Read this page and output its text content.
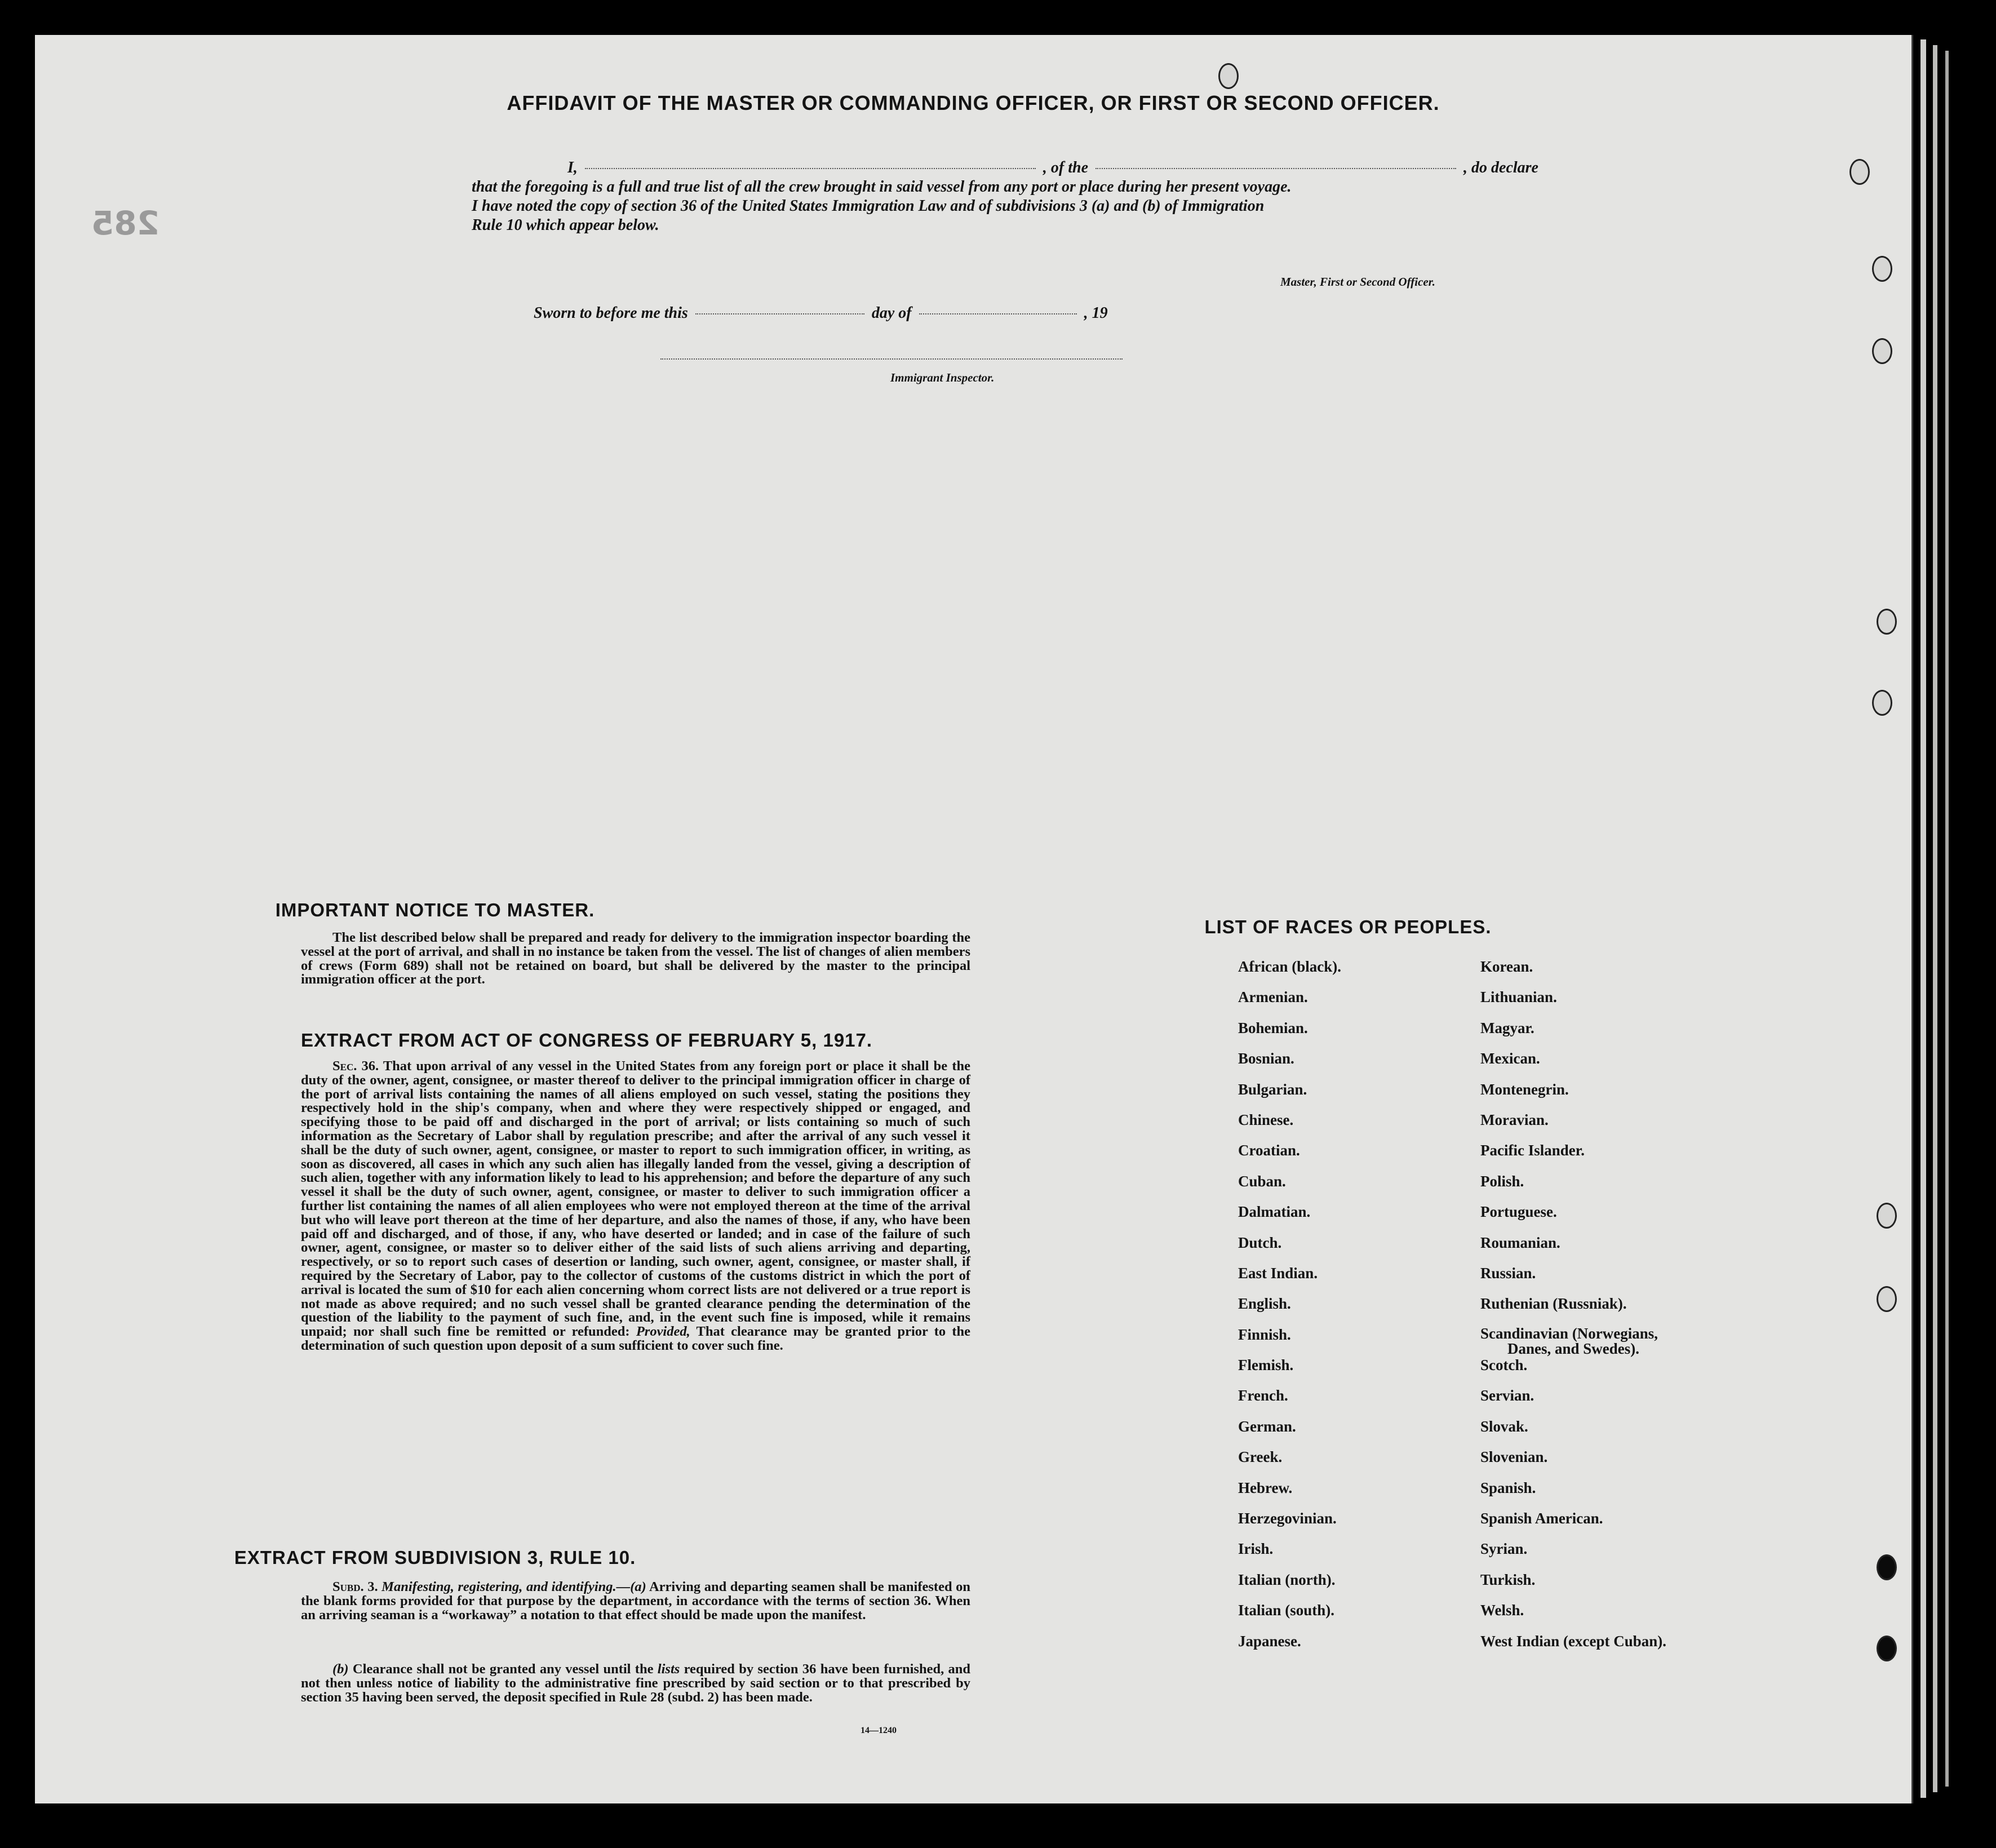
285
AFFIDAVIT OF THE MASTER OR COMMANDING OFFICER, OR FIRST OR SECOND OFFICER.
I,	, of the	, do declare
that the foregoing is a full and true list of all the crew brought in said vessel from any port or place during her present voyage.
I have noted the copy of section 36 of the United States Immigration Law and of subdivisions 3 (a) and (b) of Immigration
Rule 10 which appear below.
Master, First or Second Officer.
Sworn to before me this	day of	, 19
Immigrant Inspector.
IMPORTANT NOTICE TO MASTER.
The list described below shall be prepared and ready for delivery to the immigration inspector boarding the vessel at the port of arrival, and shall in no instance be taken from the vessel. The list of changes of alien members of crews (Form 689) shall not be retained on board, but shall be delivered by the master to the principal immigration officer at the port.
EXTRACT FROM ACT OF CONGRESS OF FEBRUARY 5, 1917.
Sec. 36. That upon arrival of any vessel in the United States from any foreign port or place it shall be the duty of the owner, agent, consignee, or master thereof to deliver to the principal immigration officer in charge of the port of arrival lists containing the names of all aliens employed on such vessel, stating the positions they respectively hold in the ship's company, when and where they were respectively shipped or engaged, and specifying those to be paid off and discharged in the port of arrival; or lists containing so much of such information as the Secretary of Labor shall by regulation prescribe; and after the arrival of any such vessel it shall be the duty of such owner, agent, consignee, or master to report to such immigration officer, in writing, as soon as discovered, all cases in which any such alien has illegally landed from the vessel, giving a description of such alien, together with any information likely to lead to his apprehension; and before the departure of any such vessel it shall be the duty of such owner, agent, consignee, or master to deliver to such immigration officer a further list containing the names of all alien employees who were not employed thereon at the time of the arrival but who will leave port thereon at the time of her departure, and also the names of those, if any, who have been paid off and discharged, and of those, if any, who have deserted or landed; and in case of the failure of such owner, agent, consignee, or master so to deliver either of the said lists of such aliens arriving and departing, respectively, or so to report such cases of desertion or landing, such owner, agent, consignee, or master shall, if required by the Secretary of Labor, pay to the collector of customs of the customs district in which the port of arrival is located the sum of $10 for each alien concerning whom correct lists are not delivered or a true report is not made as above required; and no such vessel shall be granted clearance pending the determination of the question of the liability to the payment of such fine, and, in the event such fine is imposed, while it remains unpaid; nor shall such fine be remitted or refunded: Provided, That clearance may be granted prior to the determination of such question upon deposit of a sum sufficient to cover such fine.
EXTRACT FROM SUBDIVISION 3, RULE 10.
Subd. 3. Manifesting, registering, and identifying.—(a) Arriving and departing seamen shall be manifested on the blank forms provided for that purpose by the department, in accordance with the terms of section 36. When an arriving seaman is a “workaway” a notation to that effect should be made upon the manifest.
(b) Clearance shall not be granted any vessel until the lists required by section 36 have been furnished, and not then unless notice of liability to the administrative fine prescribed by said section or to that prescribed by section 35 having been served, the deposit specified in Rule 28 (subd. 2) has been made.
14—1240
LIST OF RACES OR PEOPLES.
African (black).
Armenian.
Bohemian.
Bosnian.
Bulgarian.
Chinese.
Croatian.
Cuban.
Dalmatian.
Dutch.
East Indian.
English.
Finnish.
Flemish.
French.
German.
Greek.
Hebrew.
Herzegovinian.
Irish.
Italian (north).
Italian (south).
Japanese.
Korean.
Lithuanian.
Magyar.
Mexican.
Montenegrin.
Moravian.
Pacific Islander.
Polish.
Portuguese.
Roumanian.
Russian.
Ruthenian (Russniak).
Scandinavian (Norwegians,
Danes, and Swedes).
Scotch.
Servian.
Slovak.
Slovenian.
Spanish.
Spanish American.
Syrian.
Turkish.
Welsh.
West Indian (except Cuban).
